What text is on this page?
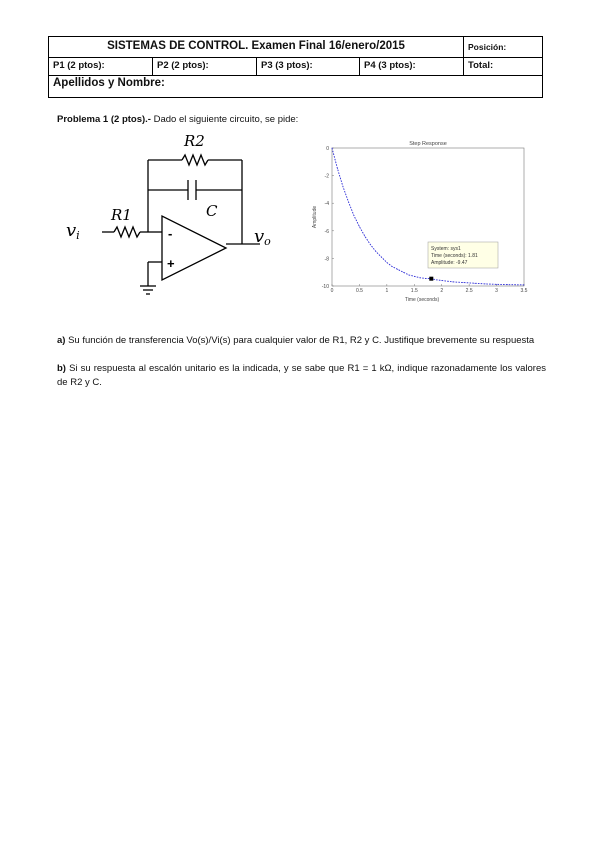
SISTEMAS DE CONTROL. Examen Final 16/enero/2015	Posición:
P1 (2 ptos):	P2 (2 ptos):	P3 (3 ptos):	P4 (3 ptos):	Total:
Apellidos y Nombre:
Problema 1 (2 ptos).- Dado el siguiente circuito, se pide:
R2
C
R1
vi	vo
-
+
Step Response
Time (seconds)
Amplitude
0	0.5	1	1.5	2	2.5	3	3.5
0
-2
-4
-6
-8
-10
System: sys1
Time (seconds): 1.81
Amplitude: -9.47
a) Su función de transferencia Vo(s)/Vi(s) para cualquier valor de R1, R2 y C. Justifique brevemente su respuesta
b) Si su respuesta al escalón unitario es la indicada, y se sabe que R1 = 1 kΩ, indique razonadamente los valores de R2 y C.
